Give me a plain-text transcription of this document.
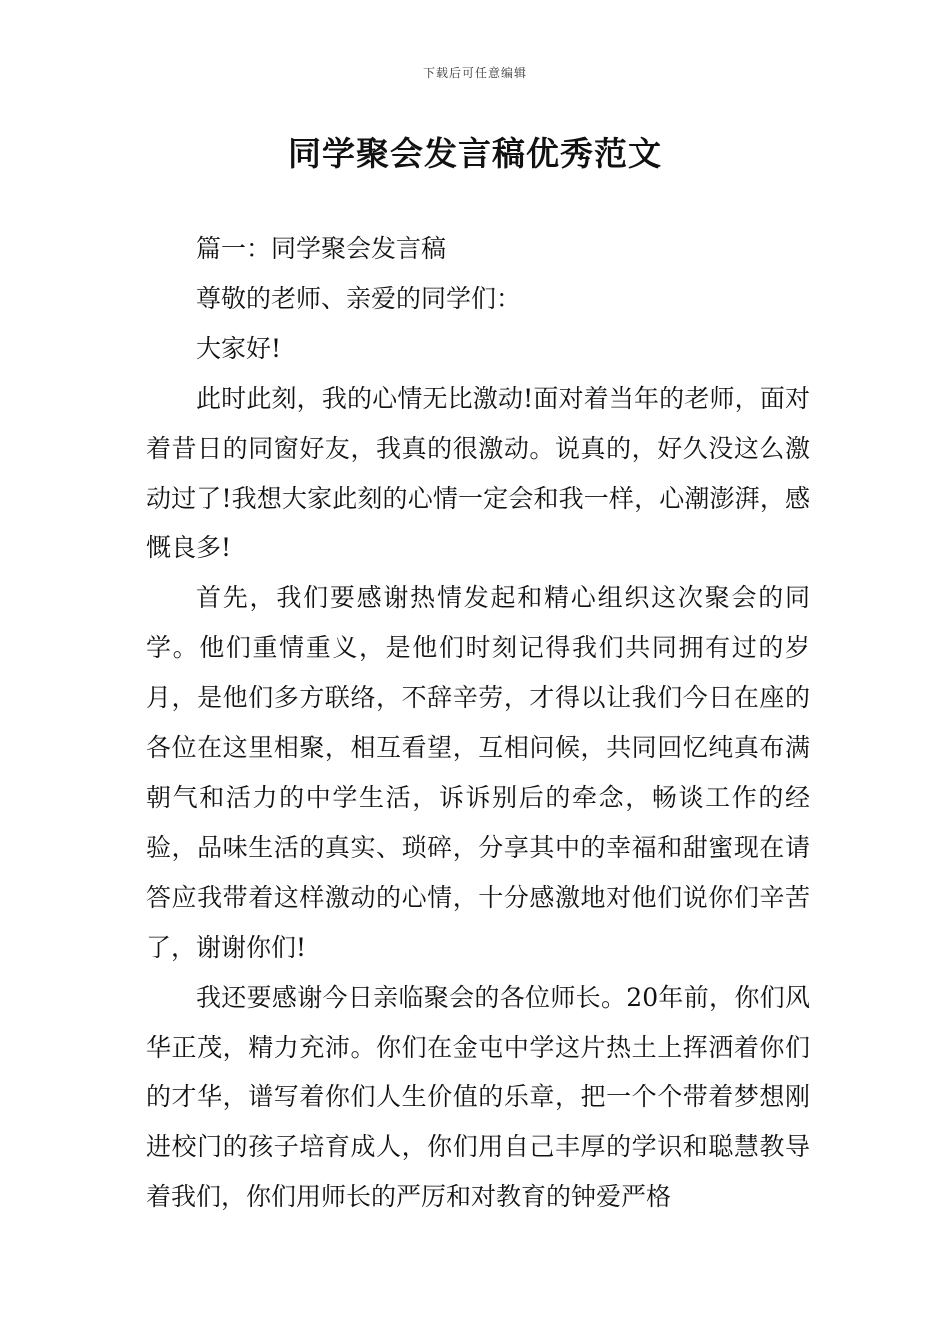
下载后可任意编辑
同学聚会发言稿优秀范文

篇一：同学聚会发言稿

尊敬的老师、亲爱的同学们：

大家好!

此时此刻，我的心情无比激动!面对着当年的老师，面对着昔日的同窗好友，我真的很激动。说真的，好久没这么激动过了!我想大家此刻的心情一定会和我一样，心潮澎湃，感慨良多!

首先，我们要感谢热情发起和精心组织这次聚会的同学。他们重情重义，是他们时刻记得我们共同拥有过的岁月，是他们多方联络，不辞辛劳，才得以让我们今日在座的各位在这里相聚，相互看望，互相问候，共同回忆纯真布满朝气和活力的中学生活，诉诉别后的牵念，畅谈工作的经验，品味生活的真实、琐碎，分享其中的幸福和甜蜜现在请答应我带着这样激动的心情，十分感激地对他们说你们辛苦了，谢谢你们!

我还要感谢今日亲临聚会的各位师长。20年前，你们风华正茂，精力充沛。你们在金屯中学这片热土上挥洒着你们的才华，谱写着你们人生价值的乐章，把一个个带着梦想刚进校门的孩子培育成人，你们用自己丰厚的学识和聪慧教导着我们，你们用师长的严厉和对教育的钟爱严格
